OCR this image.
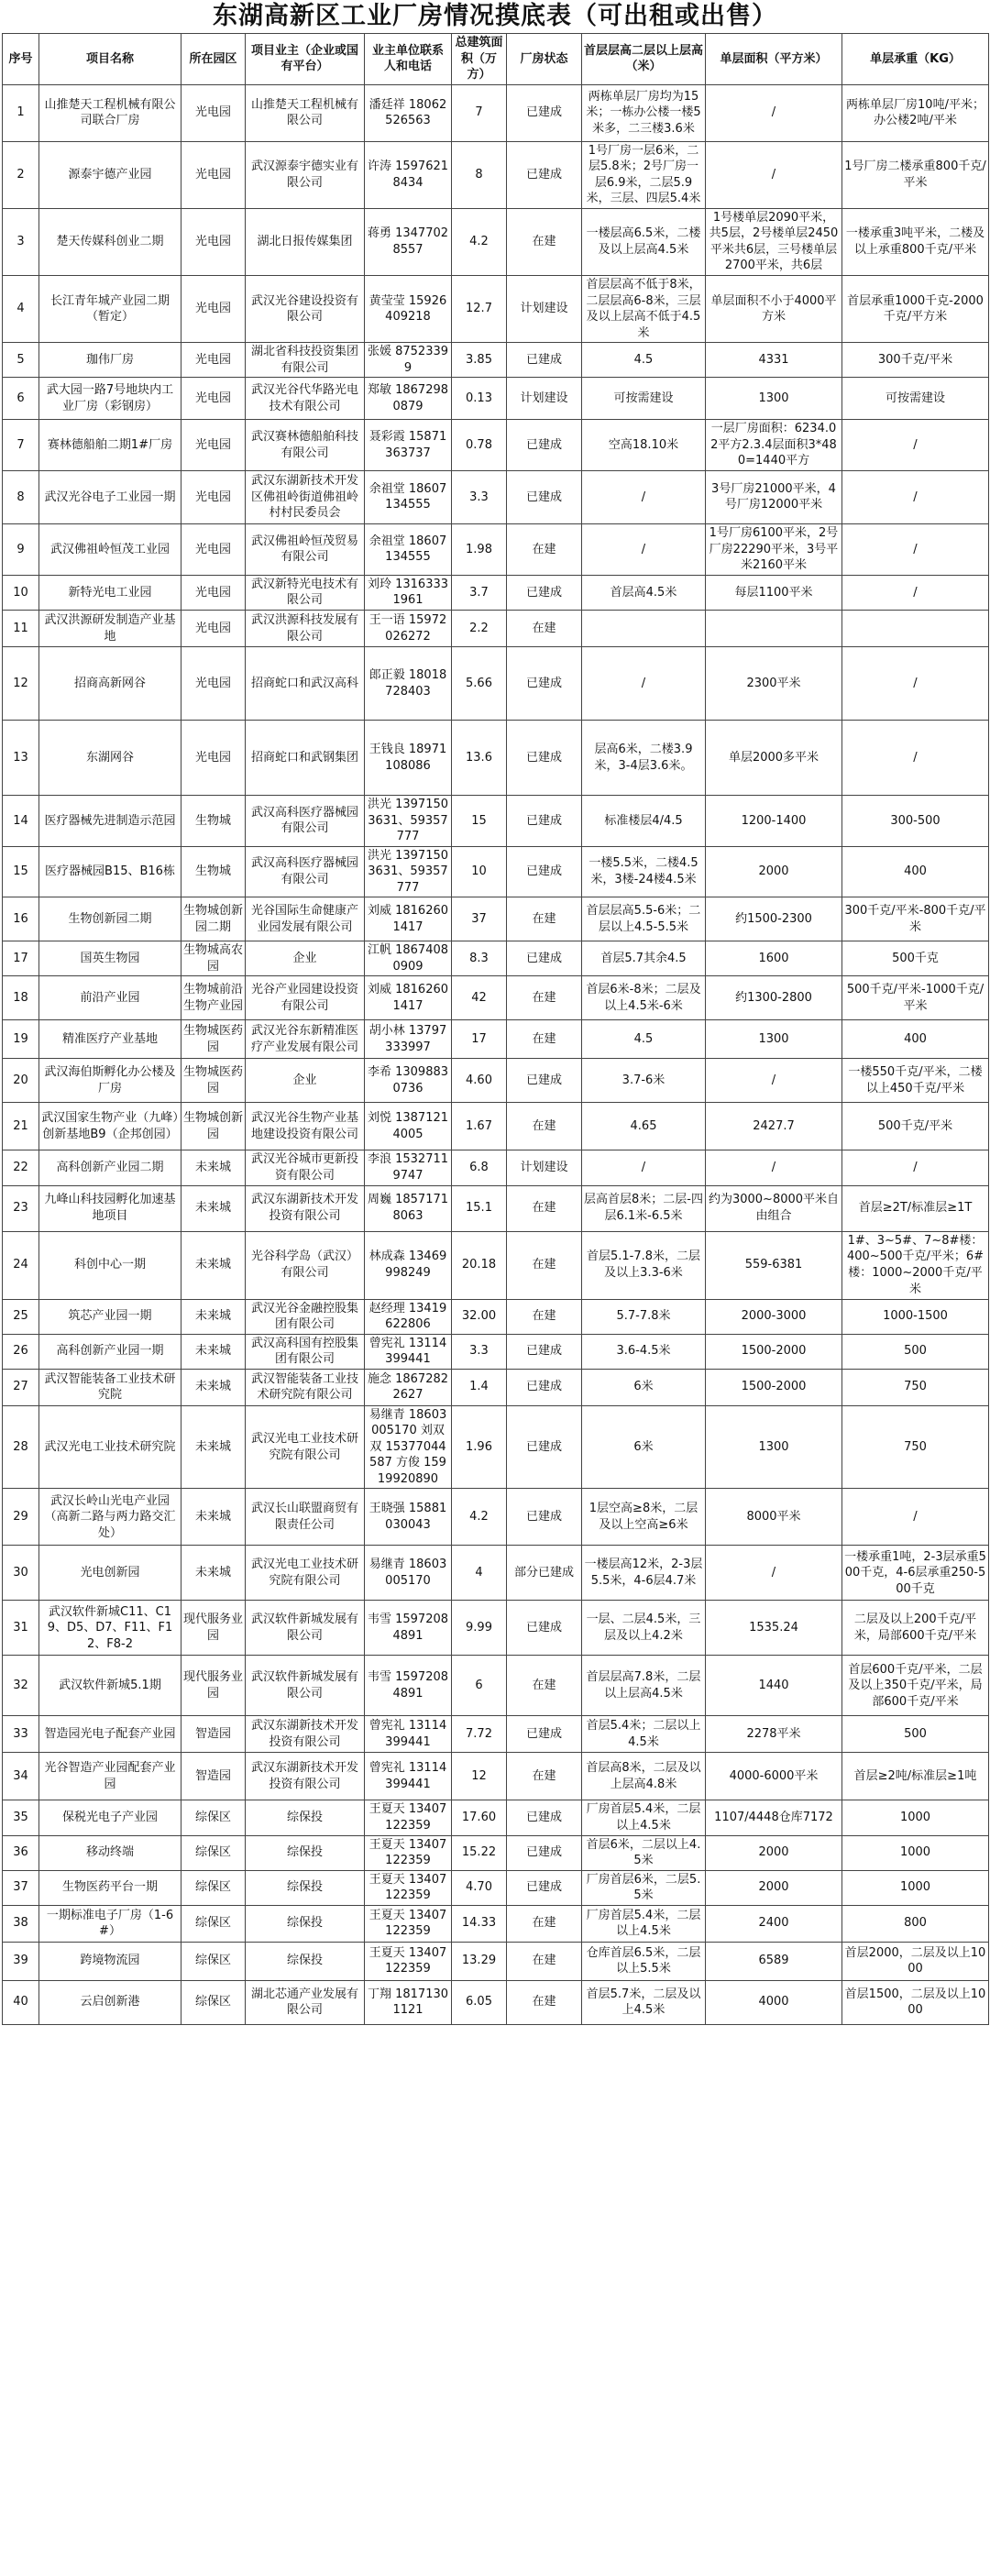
东湖高新区工业厂房情况摸底表（可出租或出售）
序号	项目名称	所在园区	项目业主（企业或国有平台）	业主单位联系人和电话	总建筑面积（万方）	厂房状态	首层层高二层以上层高（米）	单层面积（平方米）	单层承重（KG）
1	山推楚天工程机械有限公司联合厂房	光电园	山推楚天工程机械有限公司	潘廷祥 18062526563	7	已建成	两栋单层厂房均为15米；一栋办公楼一楼5米多，二三楼3.6米	/	两栋单层厂房10吨/平米；办公楼2吨/平米
2	源泰宇德产业园	光电园	武汉源泰宇德实业有限公司	许涛 15976218434	8	已建成	1号厂房一层6米，二层5.8米；2号厂房一层6.9米，二层5.9米，三层、四层5.4米	/	1号厂房二楼承重800千克/平米
3	楚天传媒科创业二期	光电园	湖北日报传媒集团	蒋勇 13477028557	4.2	在建	一楼层高6.5米，二楼及以上层高4.5米	1号楼单层2090平米，共5层，2号楼单层2450平米共6层，三号楼单层2700平米，共6层	一楼承重3吨平米，二楼及以上承重800千克/平米
4	长江青年城产业园二期（暂定）	光电园	武汉光谷建设投资有限公司	黄莹莹 15926409218	12.7	计划建设	首层层高不低于8米，二层层高6-8米，三层及以上层高不低于4.5米	单层面积不小于4000平方米	首层承重1000千克-2000千克/平方米
5	珈伟厂房	光电园	湖北省科技投资集团有限公司	张媛 87523399	3.85	已建成	4.5	4331	300千克/平米
6	武大园一路7号地块内工业厂房（彩钢房）	光电园	武汉光谷代华路光电技术有限公司	郑敏 18672980879	0.13	计划建设	可按需建设	1300	可按需建设
7	赛林德船舶二期1#厂房	光电园	武汉赛林德船舶科技有限公司	聂彩霞 15871363737	0.78	已建成	空高18.10米	一层厂房面积：6234.02平方2.3.4层面积3*480=1440平方	/
8	武汉光谷电子工业园一期	光电园	武汉东湖新技术开发区佛祖岭街道佛祖岭村村民委员会	余祖堂 18607134555	3.3	已建成	/	3号厂房21000平米，4号厂房12000平米	/
9	武汉佛祖岭恒茂工业园	光电园	武汉佛祖岭恒茂贸易有限公司	余祖堂 18607134555	1.98	在建	/	1号厂房6100平米，2号厂房22290平米，3号平米2160平米	/
10	新特光电工业园	光电园	武汉新特光电技术有限公司	刘玲 13163331961	3.7	已建成	首层高4.5米	每层1100平米	/
11	武汉洪源研发制造产业基地	光电园	武汉洪源科技发展有限公司	王一语 15972026272	2.2	在建			
12	招商高新网谷	光电园	招商蛇口和武汉高科	郎正毅 18018728403	5.66	已建成	/	2300平米	/
13	东湖网谷	光电园	招商蛇口和武钢集团	王钱良 18971108086	13.6	已建成	层高6米，二楼3.9米，3-4层3.6米。	单层2000多平米	/
14	医疗器械先进制造示范园	生物城	武汉高科医疗器械园有限公司	洪光 13971503631、59357777	15	已建成	标准楼层4/4.5	1200-1400	300-500
15	医疗器械园B15、B16栋	生物城	武汉高科医疗器械园有限公司	洪光 13971503631、59357777	10	已建成	一楼5.5米，二楼4.5米，3楼-24楼4.5米	2000	400
16	生物创新园二期	生物城创新园二期	光谷国际生命健康产业园发展有限公司	刘威 18162601417	37	在建	首层层高5.5-6米；二层以上4.5-5.5米	约1500-2300	300千克/平米-800千克/平米
17	国英生物园	生物城高农园	企业	江帆 18674080909	8.3	已建成	首层5.7其余4.5	1600	500千克
18	前沿产业园	生物城前沿生物产业园	光谷产业园建设投资有限公司	刘威 18162601417	42	在建	首层6米-8米；二层及以上4.5米-6米	约1300-2800	500千克/平米-1000千克/平米
19	精准医疗产业基地	生物城医药园	武汉光谷东新精准医疗产业发展有限公司	胡小林 13797333997	17	在建	4.5	1300	400
20	武汉海伯斯孵化办公楼及厂房	生物城医药园	企业	李希 13098830736	4.60	已建成	3.7-6米	/	一楼550千克/平米，二楼以上450千克/平米
21	武汉国家生物产业（九峰）创新基地B9（企邦创园）	生物城创新园	武汉光谷生物产业基地建设投资有限公司	刘悦 13871214005	1.67	在建	4.65	2427.7	500千克/平米
22	高科创新产业园二期	未来城	武汉光谷城市更新投资有限公司	李浪 15327119747	6.8	计划建设	/	/	/
23	九峰山科技园孵化加速基地项目	未来城	武汉东湖新技术开发投资有限公司	周巍 18571718063	15.1	在建	层高首层8米；二层-四层6.1米-6.5米	约为3000~8000平米自由组合	首层≥2T/标准层≥1T
24	科创中心一期	未来城	光谷科学岛（武汉）有限公司	林成森 13469998249	20.18	在建	首层5.1-7.8米，二层及以上3.3-6米	559-6381	1#、3~5#、7~8#楼：400~500千克/平米；6#楼：1000~2000千克/平米
25	筑芯产业园一期	未来城	武汉光谷金融控股集团有限公司	赵经理 13419622806	32.00	在建	5.7-7.8米	2000-3000	1000-1500
26	高科创新产业园一期	未来城	武汉高科国有控股集团有限公司	曾宪礼 13114399441	3.3	已建成	3.6-4.5米	1500-2000	500
27	武汉智能装备工业技术研究院	未来城	武汉智能装备工业技术研究院有限公司	施念 18672822627	1.4	已建成	6米	1500-2000	750
28	武汉光电工业技术研究院	未来城	武汉光电工业技术研究院有限公司	易继青 18603005170 刘双双 15377044587 方俊 15919920890	1.96	已建成	6米	1300	750
29	武汉长岭山光电产业园（高新二路与两力路交汇处）	未来城	武汉长山联盟商贸有限责任公司	王晓强 15881030043	4.2	已建成	1层空高≥8米，二层及以上空高≥6米	8000平米	/
30	光电创新园	未来城	武汉光电工业技术研究院有限公司	易继青 18603005170	4	部分已建成	一楼层高12米，2-3层5.5米，4-6层4.7米	/	一楼承重1吨，2-3层承重500千克，4-6层承重250-500千克
31	武汉软件新城C11、C19、D5、D7、F11、F12、F8-2	现代服务业园	武汉软件新城发展有限公司	韦雪 15972084891	9.99	已建成	一层、二层4.5米，三层及以上4.2米	1535.24	二层及以上200千克/平米，局部600千克/平米
32	武汉软件新城5.1期	现代服务业园	武汉软件新城发展有限公司	韦雪 15972084891	6	在建	首层层高7.8米，二层以上层高4.5米	1440	首层600千克/平米，二层及以上350千克/平米，局部600千克/平米
33	智造园光电子配套产业园	智造园	武汉东湖新技术开发投资有限公司	曾宪礼 13114399441	7.72	已建成	首层5.4米；二层以上4.5米	2278平米	500
34	光谷智造产业园配套产业园	智造园	武汉东湖新技术开发投资有限公司	曾宪礼 13114399441	12	在建	首层高8米，二层及以上层高4.8米	4000-6000平米	首层≥2吨/标准层≥1吨
35	保税光电子产业园	综保区	综保投	王夏天 13407122359	17.60	已建成	厂房首层5.4米，二层以上4.5米	1107/4448仓库7172	1000
36	移动终端	综保区	综保投	王夏天 13407122359	15.22	已建成	首层6米，二层以上4.5米	2000	1000
37	生物医药平台一期	综保区	综保投	王夏天 13407122359	4.70	已建成	厂房首层6米，二层5.5米	2000	1000
38	一期标准电子厂房（1-6#）	综保区	综保投	王夏天 13407122359	14.33	在建	厂房首层5.4米，二层以上4.5米	2400	800
39	跨境物流园	综保区	综保投	王夏天 13407122359	13.29	在建	仓库首层6.5米，二层以上5.5米	6589	首层2000，二层及以上1000
40	云启创新港	综保区	湖北芯通产业发展有限公司	丁翔 18171301121	6.05	在建	首层5.7米，二层及以上4.5米	4000	首层1500，二层及以上1000
